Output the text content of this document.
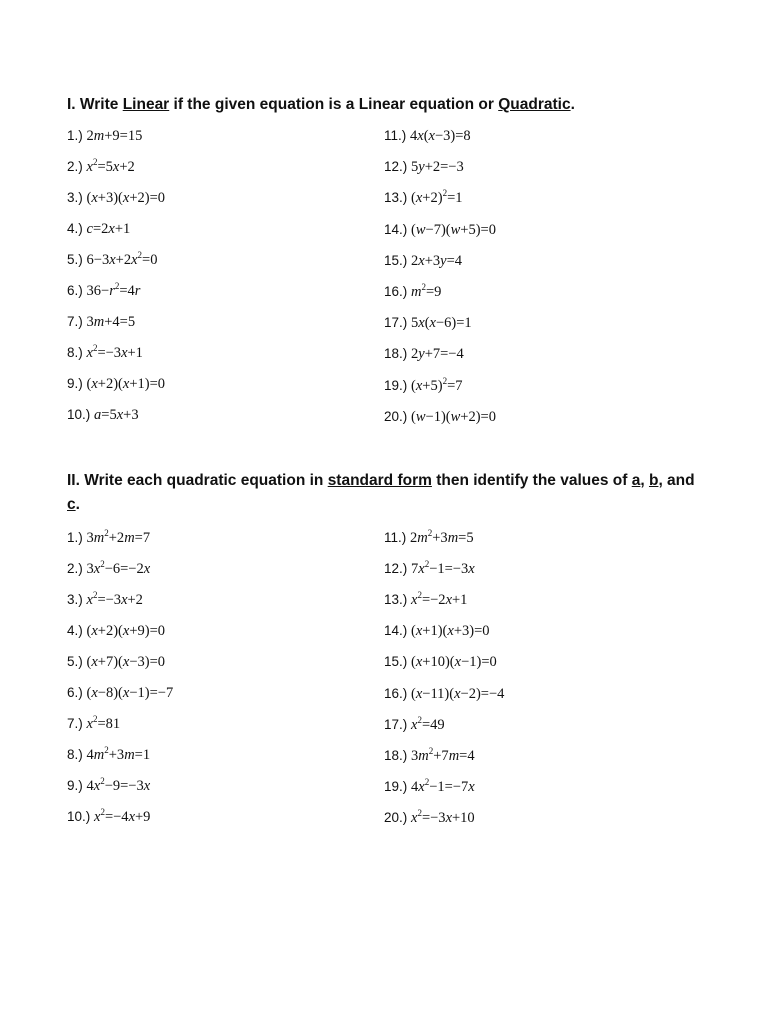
I. Write Linear if the given equation is a Linear equation or Quadratic.
1.) 2m+9=15
2.) $x^2=5x+2$
3.) (x+3)(x+2)=0
4.) c=2x+1
5.) $6-3x+2x^2=0$
6.) $36-r^2=4r$
7.) 3m+4=5
8.) $x^2=-3x+1$
9.) (x+2)(x+1)=0
10.) a=5x+3
11.) 4x(x−3)=8
12.) 5y+2=−3
13.) $(x+2)^2=1$
14.) (w−7)(w+5)=0
15.) 2x+3y=4
16.) $m^2=9$
17.) 5x(x−6)=1
18.) 2y+7=−4
19.) $(x+5)^2=7$
20.) (w−1)(w+2)=0
II. Write each quadratic equation in standard form then identify the values of a, b, and c.
1.) $3m^2+2m=7$
2.) $3x^2-6=-2x$
3.) $x^2=-3x+2$
4.) (x+2)(x+9)=0
5.) (x+7)(x−3)=0
6.) (x−8)(x−1)=−7
7.) $x^2=81$
8.) $4m^2+3m=1$
9.) $4x^2-9=-3x$
10.) $x^2=-4x+9$
11.) $2m^2+3m=5$
12.) $7x^2-1=-3x$
13.) $x^2=-2x+1$
14.) (x+1)(x+3)=0
15.) (x+10)(x−1)=0
16.) (x−11)(x−2)=−4
17.) $x^2=49$
18.) $3m^2+7m=4$
19.) $4x^2-1=-7x$
20.) $x^2=-3x+10$
